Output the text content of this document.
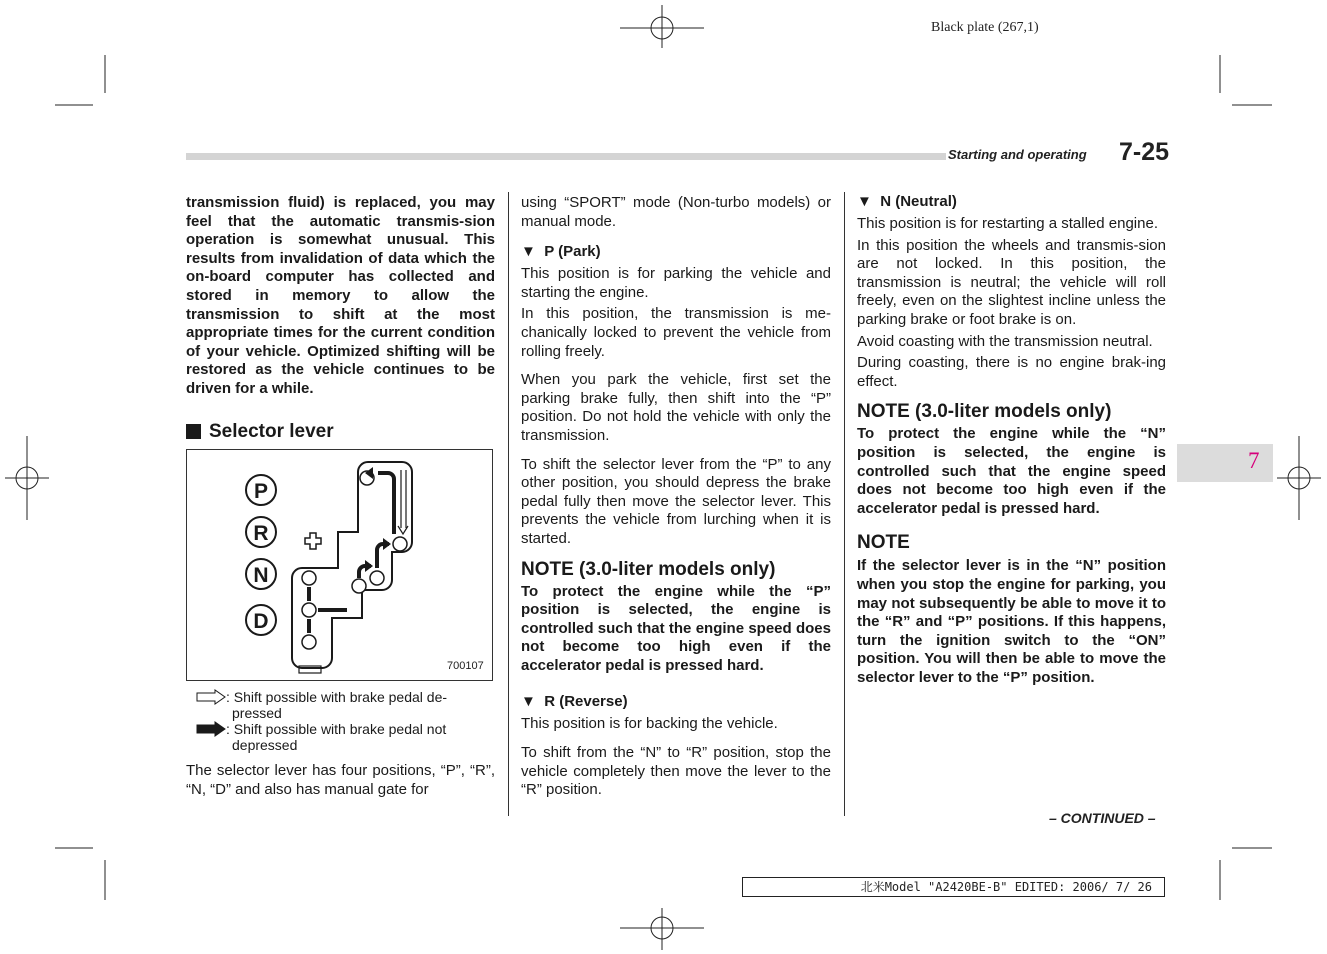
Black plate (267,1)
Starting and operating 7-25
7

transmission fluid) is replaced, you may feel that the automatic transmis-sion operation is somewhat unusual. This results from invalidation of data which the on-board computer has collected and stored in memory to allow the transmission to shift at the most appropriate times for the current condition of your vehicle. Optimized shifting will be restored as the vehicle continues to be driven for a while.

Selector lever
P
R
N
D
700107
: Shift possible with brake pedal de-
pressed
: Shift possible with brake pedal not
depressed

The selector lever has four positions, “P”, “R”, “N, “D” and also has manual gate for

using “SPORT” mode (Non-turbo models) or manual mode.

▼ P (Park)

This position is for parking the vehicle and starting the engine.

In this position, the transmission is me-chanically locked to prevent the vehicle from rolling freely.

When you park the vehicle, first set the parking brake fully, then shift into the “P” position. Do not hold the vehicle with only the transmission.

To shift the selector lever from the “P” to any other position, you should depress the brake pedal fully then move the selector lever. This prevents the vehicle from lurching when it is started.

NOTE (3.0-liter models only)

To protect the engine while the “P” position is selected, the engine is controlled such that the engine speed does not become too high even if the accelerator pedal is pressed hard.

▼ R (Reverse)

This position is for backing the vehicle.

To shift from the “N” to “R” position, stop the vehicle completely then move the lever to the “R” position.

▼ N (Neutral)

This position is for restarting a stalled engine.

In this position the wheels and transmis-sion are not locked. In this position, the transmission is neutral; the vehicle will roll freely, even on the slightest incline unless the parking brake or foot brake is on.

Avoid coasting with the transmission neutral.

During coasting, there is no engine brak-ing effect.

NOTE (3.0-liter models only)

To protect the engine while the “N” position is selected, the engine is controlled such that the engine speed does not become too high even if the accelerator pedal is pressed hard.

NOTE

If the selector lever is in the “N” position when you stop the engine for parking, you may not subsequently be able to move it to the “R” and “P” positions. If this happens, turn the ignition switch to the “ON” position. You will then be able to move the selector lever to the “P” position.

– CONTINUED –
北米Model "A2420BE-B" EDITED: 2006/ 7/ 26
